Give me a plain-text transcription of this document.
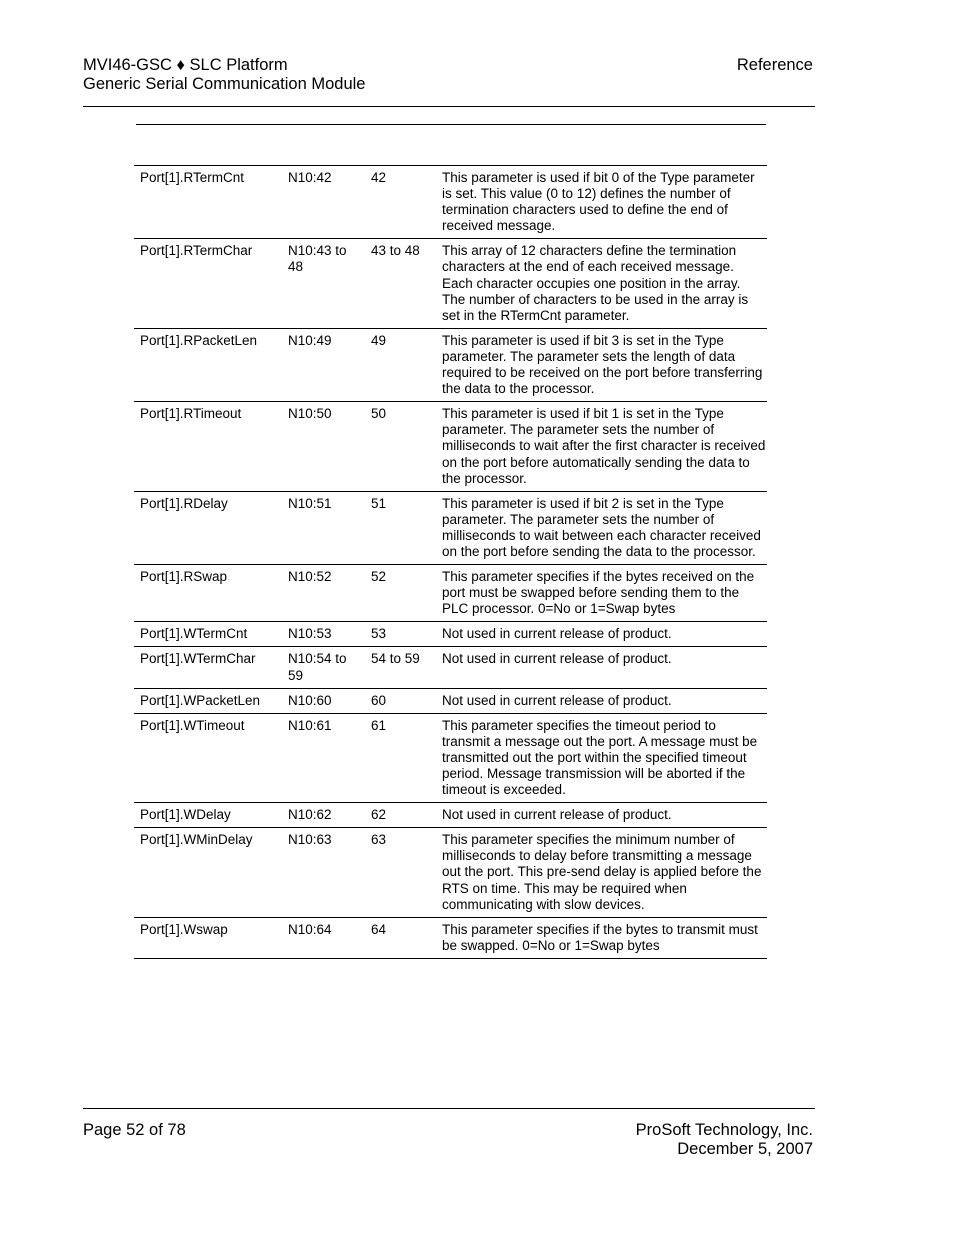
MVI46-GSC ♦ SLC Platform
Generic Serial Communication Module
Reference
Port[1].RTermCnt	N10:42	42	This parameter is used if bit 0 of the Type parameter is set. This value (0 to 12) defines the number of termination characters used to define the end of received message.
Port[1].RTermChar	N10:43 to 48	43 to 48	This array of 12 characters define the termination characters at the end of each received message. Each character occupies one position in the array. The number of characters to be used in the array is set in the RTermCnt parameter.
Port[1].RPacketLen	N10:49	49	This parameter is used if bit 3 is set in the Type parameter. The parameter sets the length of data required to be received on the port before transferring the data to the processor.
Port[1].RTimeout	N10:50	50	This parameter is used if bit 1 is set in the Type parameter. The parameter sets the number of milliseconds to wait after the first character is received on the port before automatically sending the data to the processor.
Port[1].RDelay	N10:51	51	This parameter is used if bit 2 is set in the Type parameter. The parameter sets the number of milliseconds to wait between each character received on the port before sending the data to the processor.
Port[1].RSwap	N10:52	52	This parameter specifies if the bytes received on the port must be swapped before sending them to the PLC processor. 0=No or 1=Swap bytes
Port[1].WTermCnt	N10:53	53	Not used in current release of product.
Port[1].WTermChar	N10:54 to 59	54 to 59	Not used in current release of product.
Port[1].WPacketLen	N10:60	60	Not used in current release of product.
Port[1].WTimeout	N10:61	61	This parameter specifies the timeout period to transmit a message out the port. A message must be transmitted out the port within the specified timeout period. Message transmission will be aborted if the timeout is exceeded.
Port[1].WDelay	N10:62	62	Not used in current release of product.
Port[1].WMinDelay	N10:63	63	This parameter specifies the minimum number of milliseconds to delay before transmitting a message out the port. This pre-send delay is applied before the RTS on time. This may be required when communicating with slow devices.
Port[1].Wswap	N10:64	64	This parameter specifies if the bytes to transmit must be swapped. 0=No or 1=Swap bytes
Page 52 of 78	ProSoft Technology, Inc.
December 5, 2007
